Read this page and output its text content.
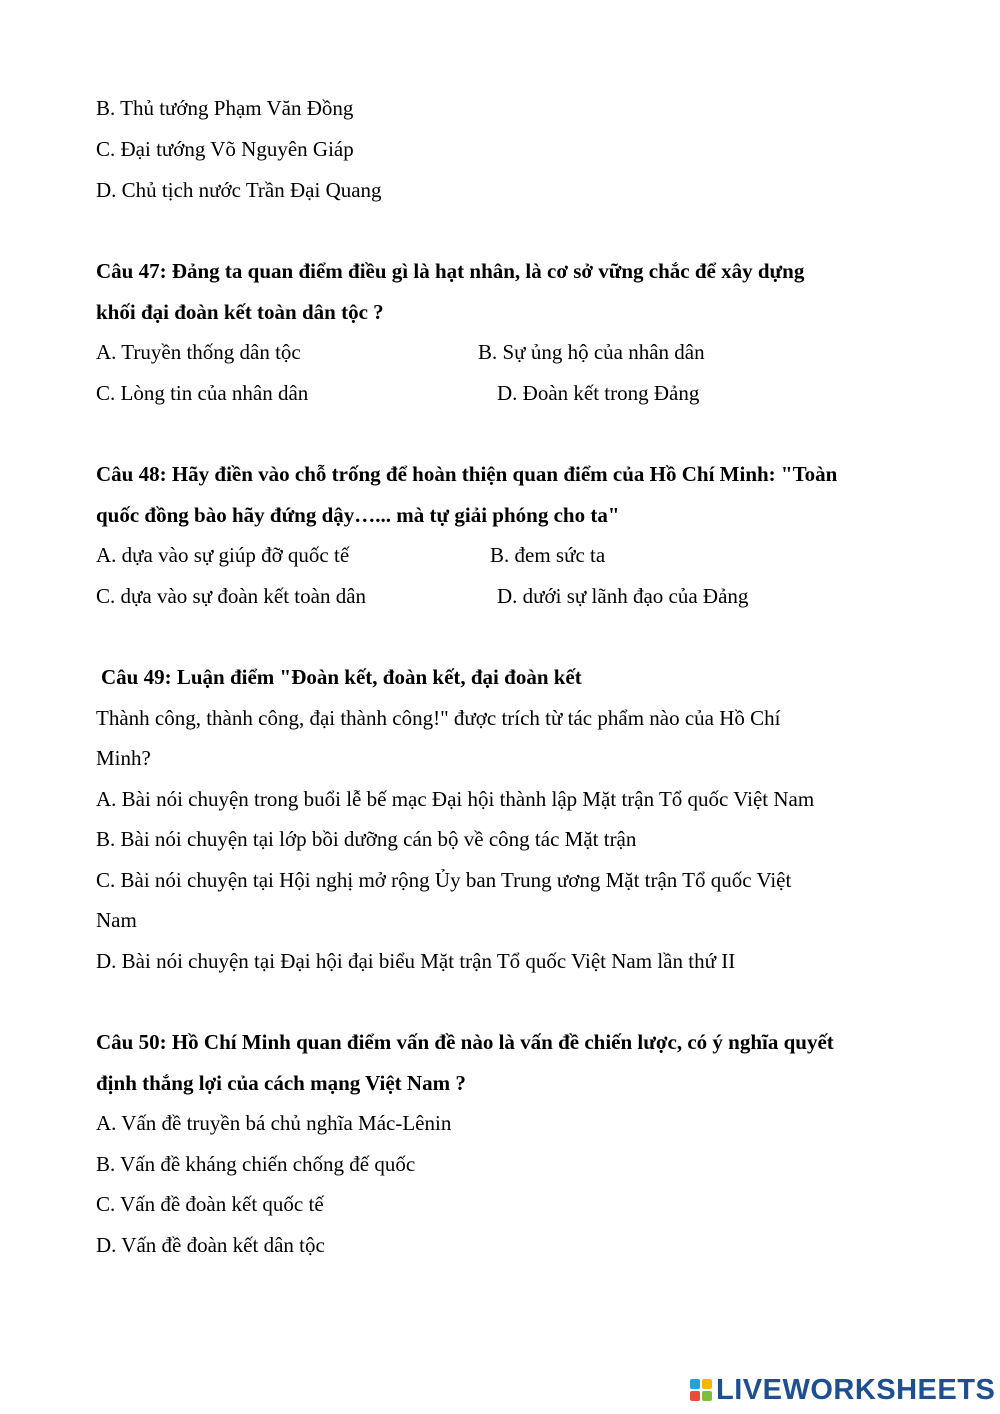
B. Thủ tướng Phạm Văn Đồng

C. Đại tướng Võ Nguyên Giáp

D. Chủ tịch nước Trần Đại Quang

Câu 47: Đảng ta quan điểm điều gì là hạt nhân, là cơ sở vững chắc để xây dựng

khối đại đoàn kết toàn dân tộc ?

A. Truyền thống dân tộc	B. Sự ủng hộ của nhân dân

C. Lòng tin của nhân dân	D. Đoàn kết trong Đảng

Câu 48: Hãy điền vào chỗ trống để hoàn thiện quan điểm của Hồ Chí Minh: "Toàn

quốc đồng bào hãy đứng dậy…... mà tự giải phóng cho ta"

A. dựa vào sự giúp đỡ quốc tế	B. đem sức ta

C. dựa vào sự đoàn kết toàn dân	D. dưới sự lãnh đạo của Đảng

Câu 49: Luận điểm "Đoàn kết, đoàn kết, đại đoàn kết

Thành công, thành công, đại thành công!" được trích từ tác phẩm nào của Hồ Chí

Minh?

A. Bài nói chuyện trong buổi lễ bế mạc Đại hội thành lập Mặt trận Tổ quốc Việt Nam

B. Bài nói chuyện tại lớp bồi dưỡng cán bộ về công tác Mặt trận

C. Bài nói chuyện tại Hội nghị mở rộng Ủy ban Trung ương Mặt trận Tổ quốc Việt

Nam

D. Bài nói chuyện tại Đại hội đại biểu Mặt trận Tổ quốc Việt Nam lần thứ II

Câu 50: Hồ Chí Minh quan điểm vấn đề nào là vấn đề chiến lược, có ý nghĩa quyết

định thắng lợi của cách mạng Việt Nam ?

A. Vấn đề truyền bá chủ nghĩa Mác-Lênin

B. Vấn đề kháng chiến chống đế quốc

C. Vấn đề đoàn kết quốc tế

D. Vấn đề đoàn kết dân tộc

LIVEWORKSHEETS
